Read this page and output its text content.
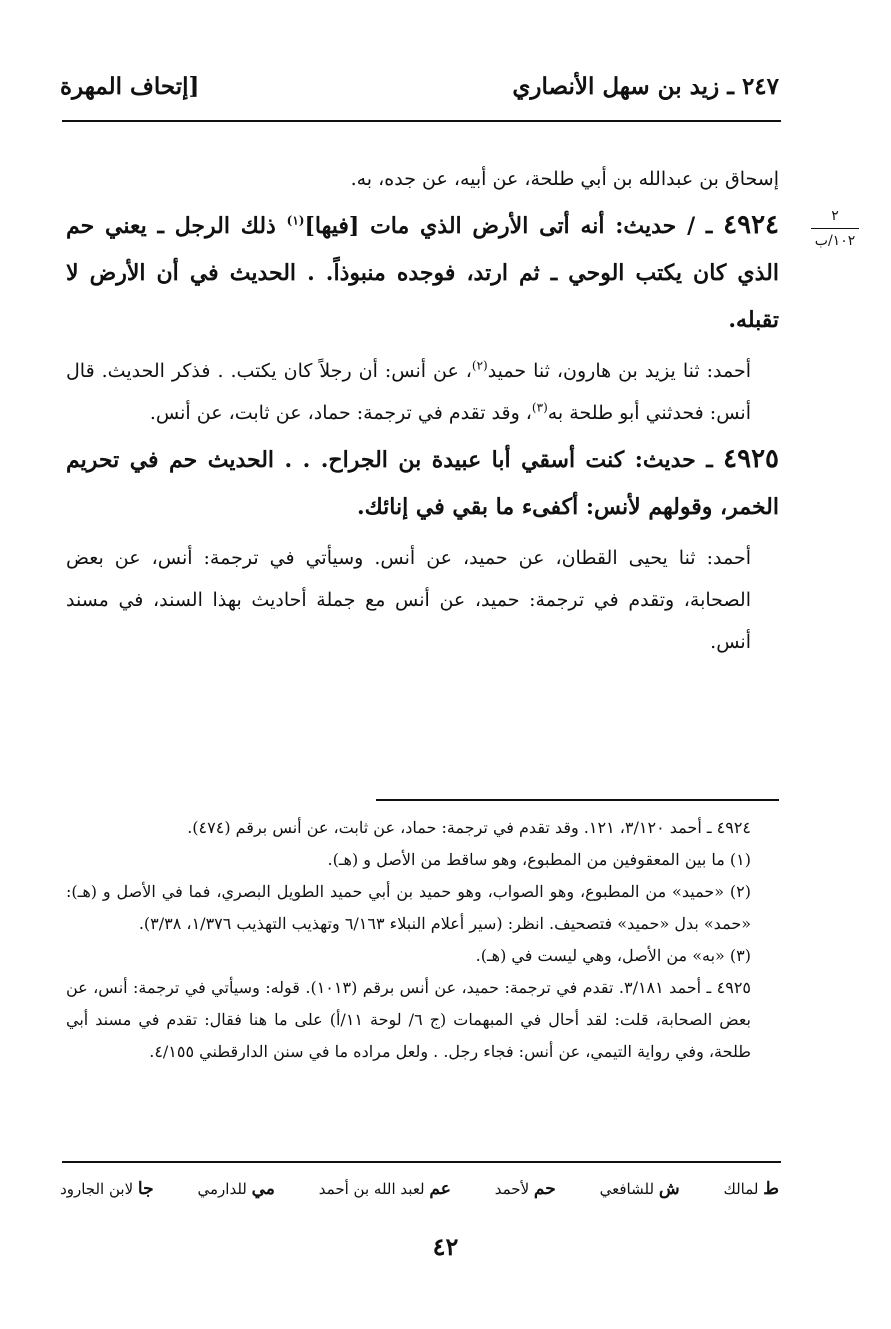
٢٤٧ ـ زيد بن سهل الأنصاري
[إتحاف المهرة
٢
١٠٢/ب

إسحاق بن عبدالله بن أبي طلحة، عن أبيه، عن جده، به.

٤٩٢٤ ـ / حديث: أنه أتى الأرض الذي مات [فيها]$^{(١)}$ ذلك الرجل ـ يعني حم الذي كان يكتب الوحي ـ ثم ارتد، فوجده منبوذاً. . الحديث في أن الأرض لا تقبله.

أحمد: ثنا يزيد بن هارون، ثنا حميد$^{(٢)}$، عن أنس: أن رجلاً كان يكتب. . فذكر الحديث. قال أنس: فحدثني أبو طلحة به$^{(٣)}$، وقد تقدم في ترجمة: حماد، عن ثابت، عن أنس.

٤٩٢٥ ـ حديث: كنت أسقي أبا عبيدة بن الجراح. . . الحديث حم في تحريم الخمر، وقولهم لأنس: أكفىء ما بقي في إنائك.

أحمد: ثنا يحيى القطان، عن حميد، عن أنس. وسيأتي في ترجمة: أنس، عن بعض الصحابة، وتقدم في ترجمة: حميد، عن أنس مع جملة أحاديث بهذا السند، في مسند أنس.

٤٩٢٤ ـ أحمد ٣/١٢٠، ١٢١. وقد تقدم في ترجمة: حماد، عن ثابت، عن أنس برقم (٤٧٤).

(١) ما بين المعقوفين من المطبوع، وهو ساقط من الأصل و (هـ).

(٢) «حميد» من المطبوع، وهو الصواب، وهو حميد بن أبي حميد الطويل البصري، فما في الأصل و (هـ): «حمد» بدل «حميد» فتصحيف. انظر: (سير أعلام النبلاء ٦/١٦٣ وتهذيب التهذيب ١/٣٧٦، ٣/٣٨).

(٣) «به» من الأصل، وهي ليست في (هـ).

٤٩٢٥ ـ أحمد ٣/١٨١. تقدم في ترجمة: حميد، عن أنس برقم (١٠١٣). قوله: وسيأتي في ترجمة: أنس، عن بعض الصحابة، قلت: لقد أحال في المبهمات (ج ٦/ لوحة ١١/أ) على ما هنا فقال: تقدم في مسند أبي طلحة، وفي رواية التيمي، عن أنس: فجاء رجل. . ولعل مراده ما في سنن الدارقطني ٤/١٥٥.

ط لمالك
ش للشافعي
حم لأحمد
عم لعبد الله بن أحمد
مي للدارمي
جا لابن الجارود
٤٢
